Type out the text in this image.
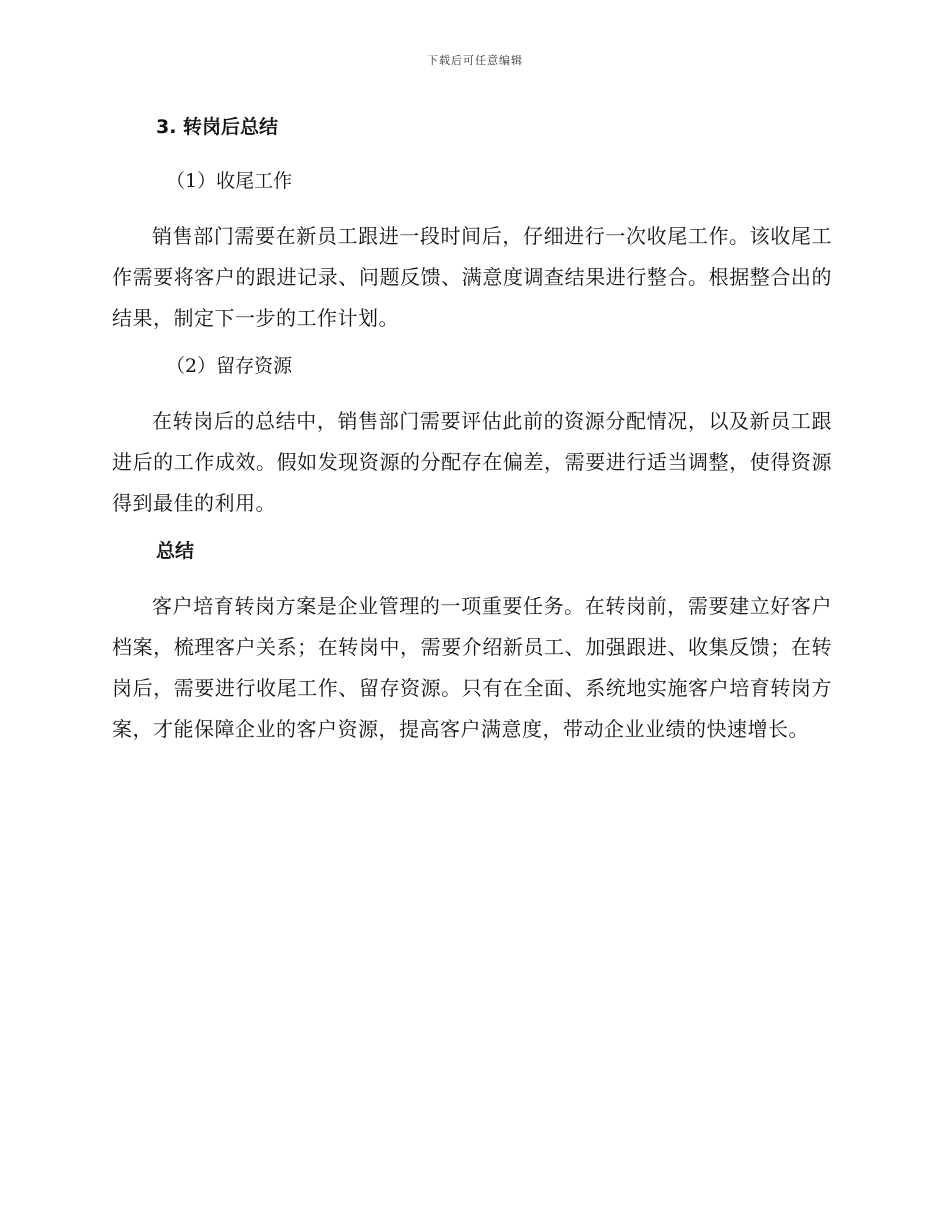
下载后可任意编辑

3. 转岗后总结

（1）收尾工作

销售部门需要在新员工跟进一段时间后，仔细进行一次收尾工作。该收尾工作需要将客户的跟进记录、问题反馈、满意度调查结果进行整合。根据整合出的结果，制定下一步的工作计划。

（2）留存资源

在转岗后的总结中，销售部门需要评估此前的资源分配情况，以及新员工跟进后的工作成效。假如发现资源的分配存在偏差，需要进行适当调整，使得资源得到最佳的利用。

总结

客户培育转岗方案是企业管理的一项重要任务。在转岗前，需要建立好客户档案，梳理客户关系；在转岗中，需要介绍新员工、加强跟进、收集反馈；在转岗后，需要进行收尾工作、留存资源。只有在全面、系统地实施客户培育转岗方案，才能保障企业的客户资源，提高客户满意度，带动企业业绩的快速增长。
